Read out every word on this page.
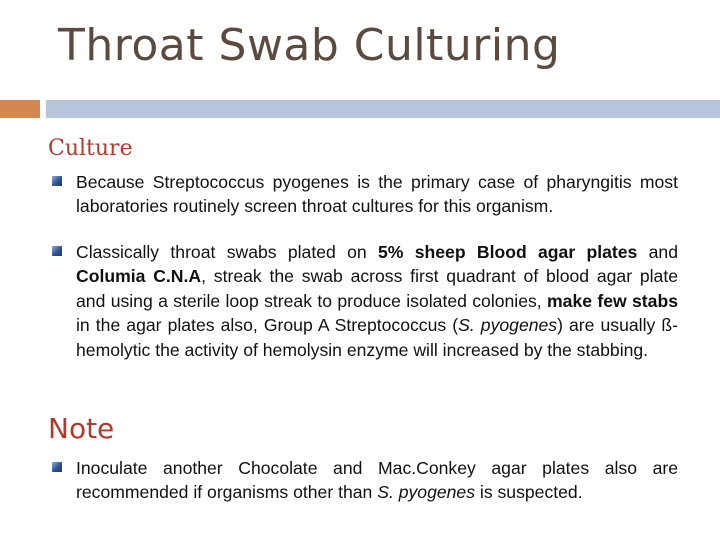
Throat Swab Culturing
Culture
Because Streptococcus pyogenes is the primary case of pharyngitis most laboratories routinely screen throat cultures for this organism.
Classically throat swabs plated on 5% sheep Blood agar plates and Columia C.N.A, streak the swab across first quadrant of blood agar plate and using a sterile loop streak to produce isolated colonies, make few stabs in the agar plates also, Group A Streptococcus (S. pyogenes) are usually ß- hemolytic the activity of hemolysin enzyme will increased by the stabbing.
Note
Inoculate another Chocolate and Mac.Conkey agar plates also are recommended if organisms other than S. pyogenes is suspected.
